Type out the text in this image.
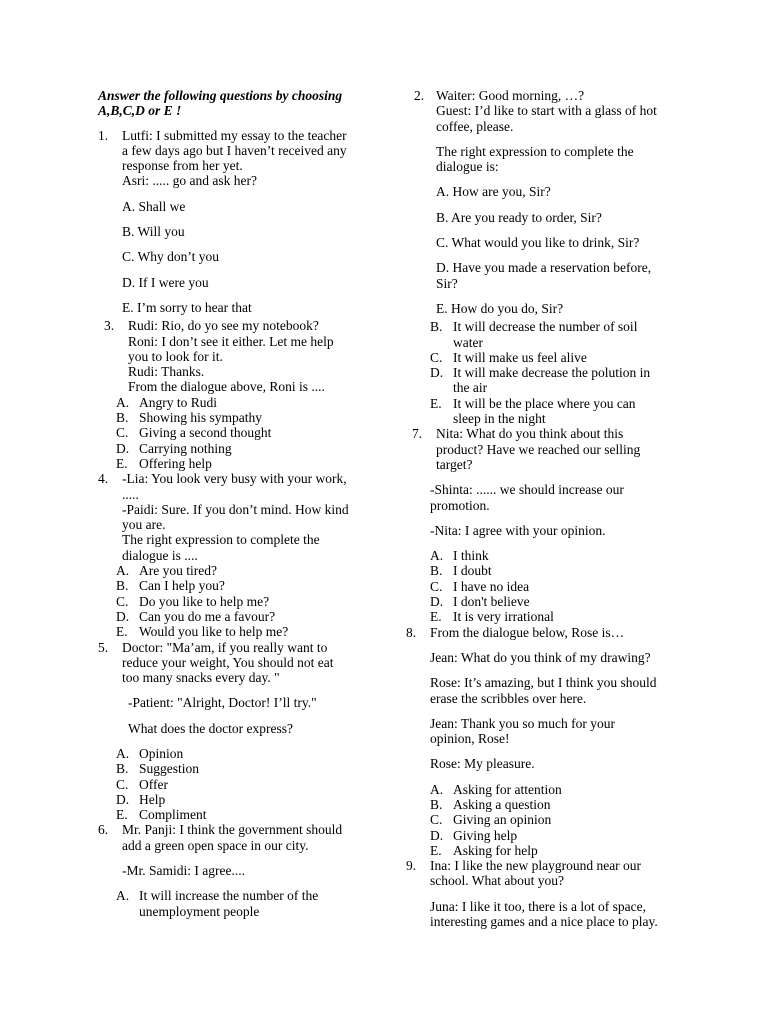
Answer the following questions by choosing A,B,C,D or E !
1. Lutfi: I submitted my essay to the teacher
a few days ago but I haven’t received any
response from her yet.
Asri: ..... go and ask her?
A. Shall we
B. Will you
C. Why don’t you
D. If I were you
E. I’m sorry to hear that
3. Rudi: Rio, do yo see my notebook?
Roni: I don’t see it either. Let me help
you to look for it.
Rudi: Thanks.
From the dialogue above, Roni is ....
A. Angry to Rudi
B. Showing his sympathy
C. Giving a second thought
D. Carrying nothing
E. Offering help
4. -Lia: You look very busy with your work,
.....
-Paidi: Sure. If you don’t mind. How kind
you are.
The right expression to complete the
dialogue is ....
A. Are you tired?
B. Can I help you?
C. Do you like to help me?
D. Can you do me a favour?
E. Would you like to help me?
5. Doctor: "Ma’am, if you really want to
reduce your weight, You should not eat
too many snacks every day. "
-Patient: "Alright, Doctor! I’ll try."
What does the doctor express?
A. Opinion
B. Suggestion
C. Offer
D. Help
E. Compliment
6. Mr. Panji: I think the government should
add a green open space in our city.
-Mr. Samidi: I agree....
A. It will increase the number of the
unemployment people
2. Waiter: Good morning, …?
Guest: I’d like to start with a glass of hot
coffee, please.
The right expression to complete the
dialogue is:
A. How are you, Sir?
B. Are you ready to order, Sir?
C. What would you like to drink, Sir?
D. Have you made a reservation before,
Sir?
E. How do you do, Sir?
B. It will decrease the number of soil
water
C. It will make us feel alive
D. It will make decrease the polution in
the air
E. It will be the place where you can
sleep in the night
7. Nita: What do you think about this
product? Have we reached our selling
target?
-Shinta: ...... we should increase our
promotion.
-Nita: I agree with your opinion.
A. I think
B. I doubt
C. I have no idea
D. I don't believe
E. It is very irrational
8. From the dialogue below, Rose is…
Jean: What do you think of my drawing?
Rose: It’s amazing, but I think you should
erase the scribbles over here.
Jean: Thank you so much for your
opinion, Rose!
Rose: My pleasure.
A. Asking for attention
B. Asking a question
C. Giving an opinion
D. Giving help
E. Asking for help
9. Ina: I like the new playground near our
school. What about you?
Juna: I like it too, there is a lot of space,
interesting games and a nice place to play.
